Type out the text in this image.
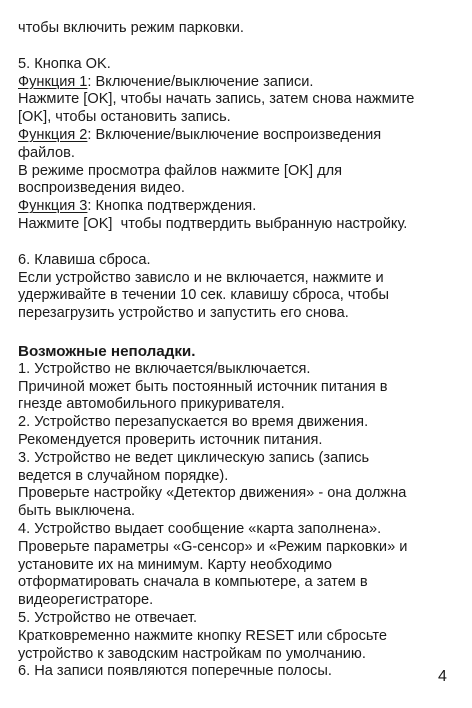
чтобы включить режим парковки.
5. Кнопка OK.
Функция 1: Включение/выключение записи.
Нажмите [OK], чтобы начать запись, затем снова нажмите
[OK], чтобы остановить запись.
Функция 2: Включение/выключение воспроизведения
файлов.
В режиме просмотра файлов нажмите [OK] для
воспроизведения видео.
Функция 3: Кнопка подтверждения.
Нажмите [OK]  чтобы подтвердить выбранную настройку.
6. Клавиша сброса.
Если устройство зависло и не включается, нажмите и
удерживайте в течении 10 сек. клавишу сброса, чтобы
перезагрузить устройство и запустить его снова.
Возможные неполадки.
1. Устройство не включается/выключается.
Причиной может быть постоянный источник питания в
гнезде автомобильного прикуривателя.
2. Устройство перезапускается во время движения.
Рекомендуется проверить источник питания.
3. Устройство не ведет циклическую запись (запись
ведется в случайном порядке).
Проверьте настройку «Детектор движения» - она должна
быть выключена.
4. Устройство выдает сообщение «карта заполнена».
Проверьте параметры «G-сенсор» и «Режим парковки» и
установите их на минимум. Карту необходимо
отформатировать сначала в компьютере, а затем в
видеорегистраторе.
5. Устройство не отвечает.
Кратковременно нажмите кнопку RESET или сбросьте
устройство к заводским настройкам по умолчанию.
6. На записи появляются поперечные полосы.	4
